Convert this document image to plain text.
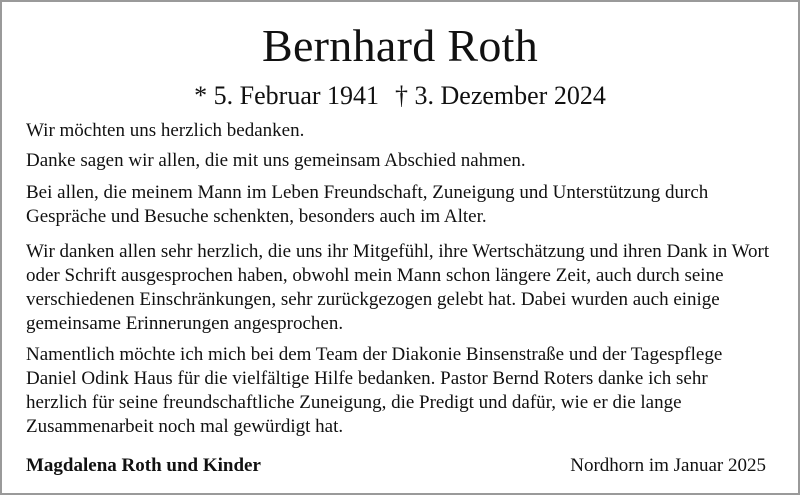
Bernhard Roth
* 5. Februar 1941 † 3. Dezember 2024

Wir möchten uns herzlich bedanken.

Danke sagen wir allen, die mit uns gemeinsam Abschied nahmen.

Bei allen, die meinem Mann im Leben Freundschaft, Zuneigung und Unterstützung durch Gespräche und Besuche schenkten, besonders auch im Alter.

Wir danken allen sehr herzlich, die uns ihr Mitgefühl, ihre Wertschätzung und ihren Dank in Wort oder Schrift ausgesprochen haben, obwohl mein Mann schon längere Zeit, auch durch seine verschiedenen Einschränkungen, sehr zurückgezogen gelebt hat. Dabei wurden auch einige gemeinsame Erinnerungen angesprochen.

Namentlich möchte ich mich bei dem Team der Diakonie Binsenstraße und der Tagespflege Daniel Odink Haus für die vielfältige Hilfe bedanken. Pastor Bernd Roters danke ich sehr herzlich für seine freundschaftliche Zuneigung, die Predigt und dafür, wie er die lange Zusammenarbeit noch mal gewürdigt hat.

Magdalena Roth und Kinder	Nordhorn im Januar 2025
